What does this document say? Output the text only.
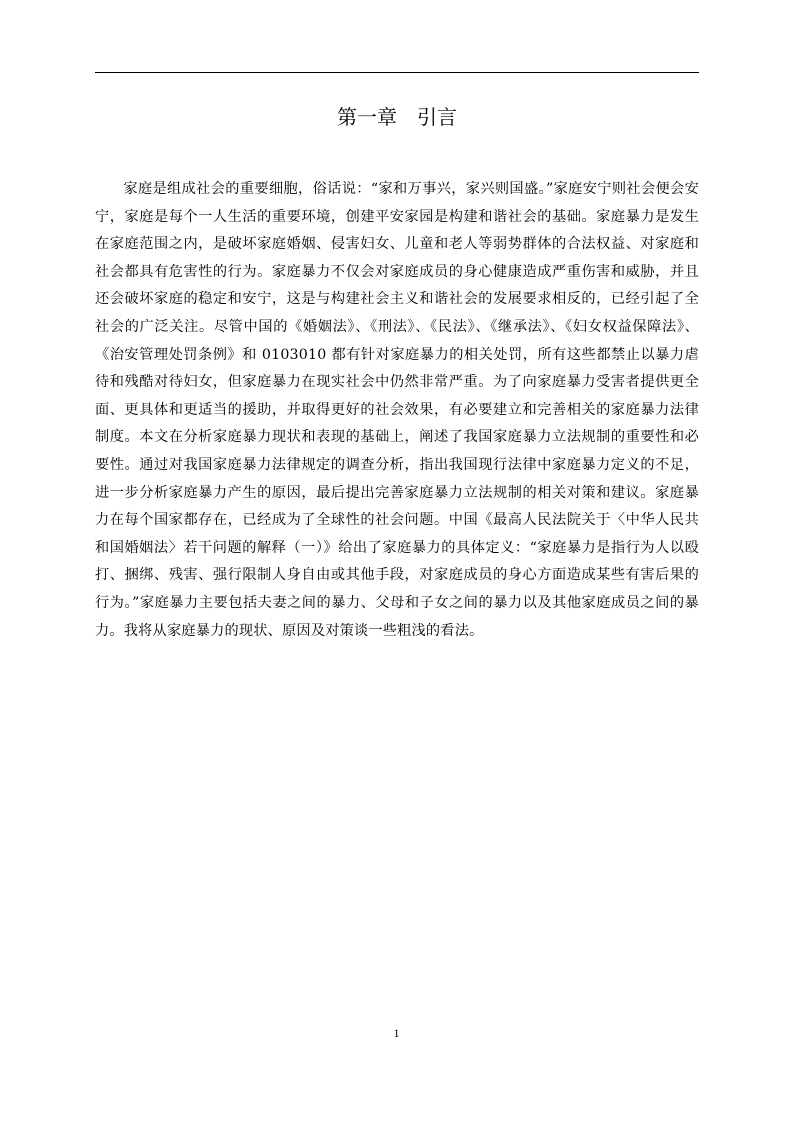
第一章　引言

家庭是组成社会的重要细胞，俗话说：“家和万事兴，家兴则国盛。”家庭安宁则社会便会安宁，家庭是每个一人生活的重要环境，创建平安家园是构建和谐社会的基础。家庭暴力是发生在家庭范围之内，是破坏家庭婚姻、侵害妇女、儿童和老人等弱势群体的合法权益、对家庭和社会都具有危害性的行为。家庭暴力不仅会对家庭成员的身心健康造成严重伤害和威胁，并且还会破坏家庭的稳定和安宁，这是与构建社会主义和谐社会的发展要求相反的，已经引起了全社会的广泛关注。尽管中国的《婚姻法》、《刑法》、《民法》、《继承法》、《妇女权益保障法》、《治安管理处罚条例》和 0103010 都有针对家庭暴力的相关处罚，所有这些都禁止以暴力虐待和残酷对待妇女，但家庭暴力在现实社会中仍然非常严重。为了向家庭暴力受害者提供更全面、更具体和更适当的援助，并取得更好的社会效果，有必要建立和完善相关的家庭暴力法律制度。本文在分析家庭暴力现状和表现的基础上，阐述了我国家庭暴力立法规制的重要性和必要性。通过对我国家庭暴力法律规定的调查分析，指出我国现行法律中家庭暴力定义的不足，进一步分析家庭暴力产生的原因，最后提出完善家庭暴力立法规制的相关对策和建议。家庭暴力在每个国家都存在，已经成为了全球性的社会问题。中国《最高人民法院关于〈中华人民共和国婚姻法〉若干问题的解释（一）》给出了家庭暴力的具体定义：“家庭暴力是指行为人以殴打、捆绑、残害、强行限制人身自由或其他手段，对家庭成员的身心方面造成某些有害后果的行为。”家庭暴力主要包括夫妻之间的暴力、父母和子女之间的暴力以及其他家庭成员之间的暴力。我将从家庭暴力的现状、原因及对策谈一些粗浅的看法。

1
